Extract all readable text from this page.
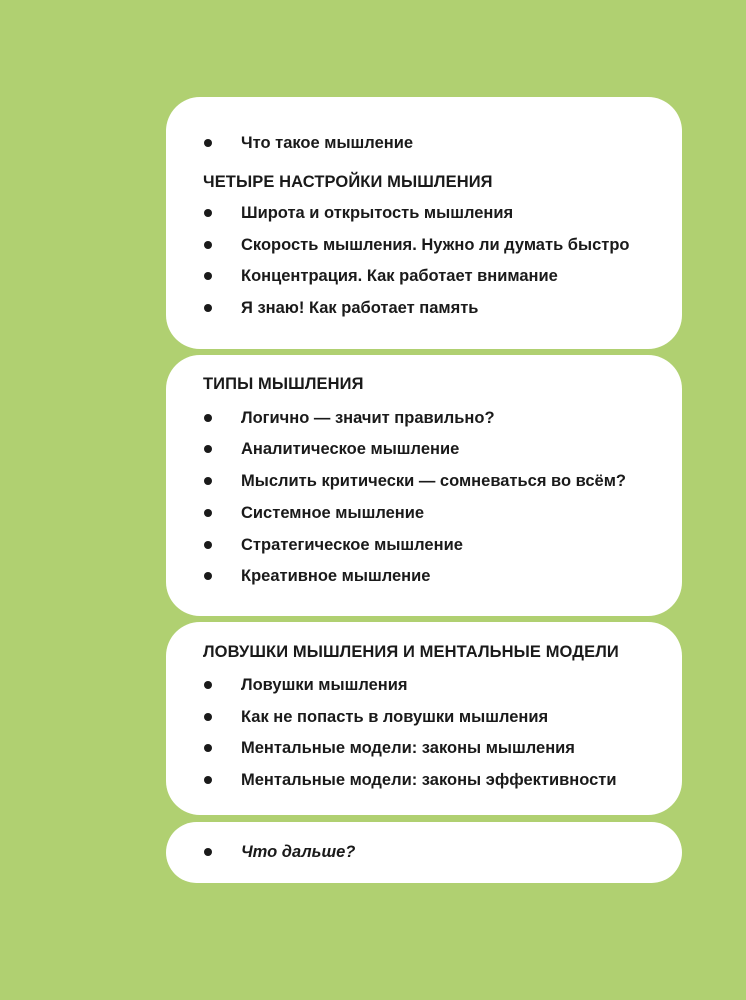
Что такое мышление
ЧЕТЫРЕ НАСТРОЙКИ МЫШЛЕНИЯ
Широта и открытость мышления
Скорость мышления. Нужно ли думать быстро
Концентрация. Как работает внимание
Я знаю! Как работает память
ТИПЫ МЫШЛЕНИЯ
Логично — значит правильно?
Аналитическое мышление
Мыслить критически — сомневаться во всём?
Системное мышление
Стратегическое мышление
Креативное мышление
ЛОВУШКИ МЫШЛЕНИЯ И МЕНТАЛЬНЫЕ МОДЕЛИ
Ловушки мышления
Как не попасть в ловушки мышления
Ментальные модели: законы мышления
Ментальные модели: законы эффективности
Что дальше?
